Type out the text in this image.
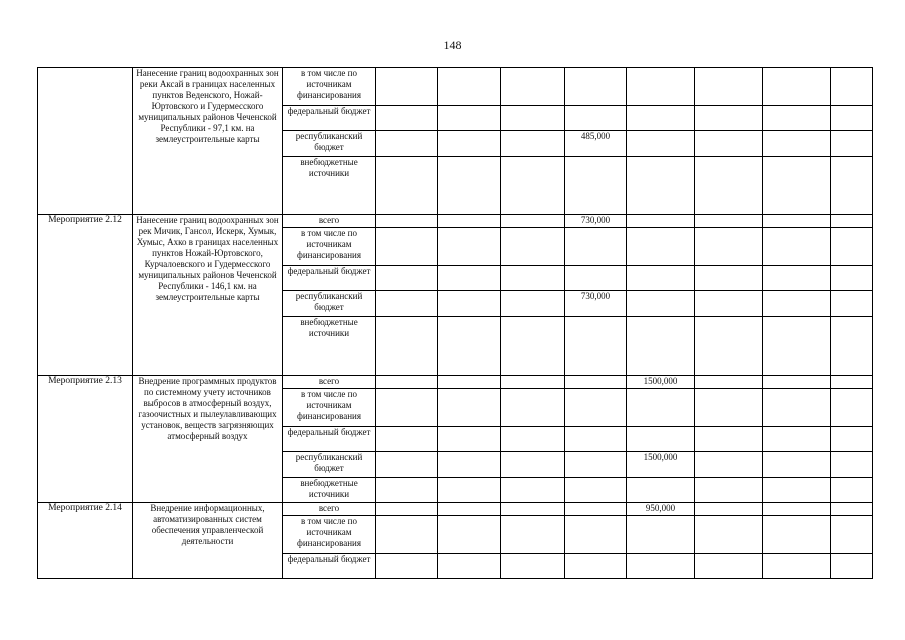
148
	Нанесение границ водоохранных зон реки Аксай в границах населенных пунктов Веденского, Ножай-Юртовского и Гудермесского муниципальных районов Чеченской Республики - 97,1 км. на землеустроительные карты	в том числе по источникам финансирования								
		федеральный бюджет								
		республиканский бюджет				485,000				
		внебюджетные источники								
Мероприятие 2.12	Нанесение границ водоохранных зон рек Мичик, Гансол, Искерк, Хумык, Хумыс, Ахко в границах населенных пунктов Ножай-Юртовского, Курчалоевского и Гудермесского муниципальных районов Чеченской Республики - 146,1 км. на землеустроительные карты	всего				730,000				
		в том числе по источникам финансирования								
		федеральный бюджет								
		республиканский бюджет				730,000				
		внебюджетные источники								
Мероприятие 2.13	Внедрение программных продуктов по системному учету источников выбросов в атмосферный воздух, газоочистных и пылеулавливающих установок, веществ загрязняющих атмосферный воздух	всего					1500,000			
		в том числе по источникам финансирования								
		федеральный бюджет								
		республиканский бюджет					1500,000			
		внебюджетные источники								
Мероприятие 2.14	Внедрение информационных, автоматизированных систем обеспечения управленческой деятельности	всего					950,000			
		в том числе по источникам финансирования								
		федеральный бюджет								
